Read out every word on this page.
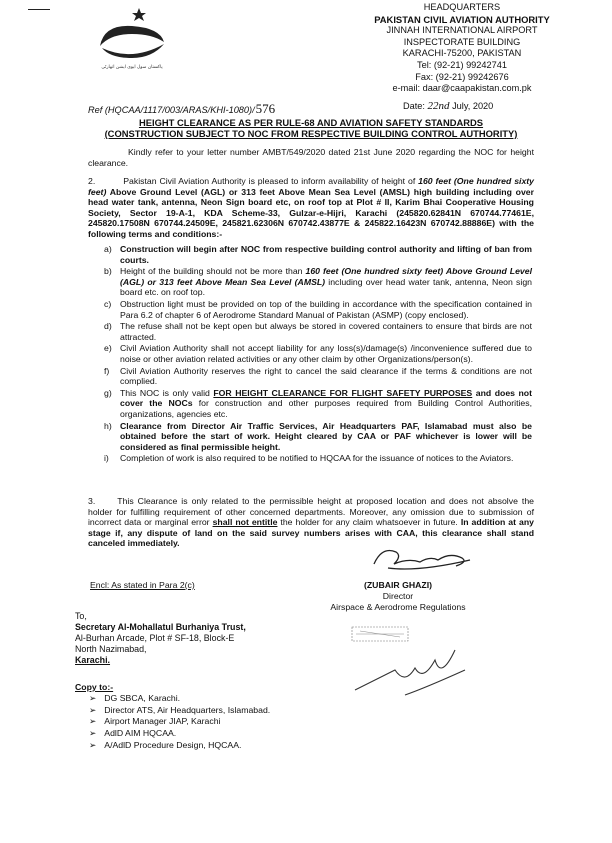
CAA
پاکستان سول ایوی ایشن اتھارٹی
HEADQUARTERS
PAKISTAN CIVIL AVIATION AUTHORITY
JINNAH INTERNATIONAL AIRPORT
INSPECTORATE BUILDING
KARACHI-75200, PAKISTAN
Tel: (92-21) 99242741
Fax: (92-21) 99242676
e-mail: daar@caapakistan.com.pk
Ref (HQCAA/1117/003/ARAS/KHI-1080)/576	Date: 22nd July, 2020
HEIGHT CLEARANCE AS PER RULE-68 AND AVIATION SAFETY STANDARDS
(CONSTRUCTION SUBJECT TO NOC FROM RESPECTIVE BUILDING CONTROL AUTHORITY)
Kindly refer to your letter number AMBT/549/2020 dated 21st June 2020 regarding the NOC for height clearance.
2.	Pakistan Civil Aviation Authority is pleased to inform availability of height of 160 feet (One hundred sixty feet) Above Ground Level (AGL) or 313 feet Above Mean Sea Level (AMSL) high building including over head water tank, antenna, Neon Sign board etc, on roof top at Plot # II, Karim Bhai Cooperative Housing Society, Sector 19-A-1, KDA Scheme-33, Gulzar-e-Hijri, Karachi (245820.62841N 670744.77461E, 245820.17508N 670744.24509E, 245821.62306N 670742.43877E & 245822.16423N 670742.88886E) with the following terms and conditions:-
a) Construction will begin after NOC from respective building control authority and lifting of ban from courts.
b) Height of the building should not be more than 160 feet (One hundred sixty feet) Above Ground Level (AGL) or 313 feet Above Mean Sea Level (AMSL) including over head water tank, antenna, Neon sign board etc. on roof top.
c)	Obstruction light must be provided on top of the building in accordance with the specification contained in Para 6.2 of chapter 6 of Aerodrome Standard Manual of Pakistan (ASMP) (copy enclosed).
d) The refuse shall not be kept open but always be stored in covered containers to ensure that birds are not attracted.
e) Civil Aviation Authority shall not accept liability for any loss(s)/damage(s) /inconvenience suffered due to noise or other aviation related activities or any other claim by other Organizations/person(s).
f)	Civil Aviation Authority reserves the right to cancel the said clearance if the terms & conditions are not complied.
g) This NOC is only valid FOR HEIGHT CLEARANCE FOR FLIGHT SAFETY PURPOSES and does not cover the NOCs for construction and other purposes required from Building Control Authorities, organizations, agencies etc.
h) Clearance from Director Air Traffic Services, Air Headquarters PAF, Islamabad must also be obtained before the start of work. Height cleared by CAA or PAF whichever is lower will be considered as final permissible height.
i)	Completion of work is also required to be notified to HQCAA for the issuance of notices to the Aviators.
3.	This Clearance is only related to the permissible height at proposed location and does not absolve the holder for fulfilling requirement of other concerned departments. Moreover, any omission due to submission of incorrect data or marginal error shall not entitle the holder for any claim whatsoever in future. In addition at any stage if, any dispute of land on the said survey numbers arises with CAA, this clearance shall stand canceled immediately.
Encl: As stated in Para 2(c)	(ZUBAIR GHAZI)
Director
Airspace & Aerodrome Regulations
To,
Secretary Al-Mohallatul Burhaniya Trust,
Al-Burhan Arcade, Plot # SF-18, Block-E
North Nazimabad,
Karachi.
Copy to:-
➢ DG SBCA, Karachi.
➢ Director ATS, Air Headquarters, Islamabad.
➢ Airport Manager JIAP, Karachi
➢ AdlD AIM HQCAA.
➢ A/AdlD Procedure Design, HQCAA.
